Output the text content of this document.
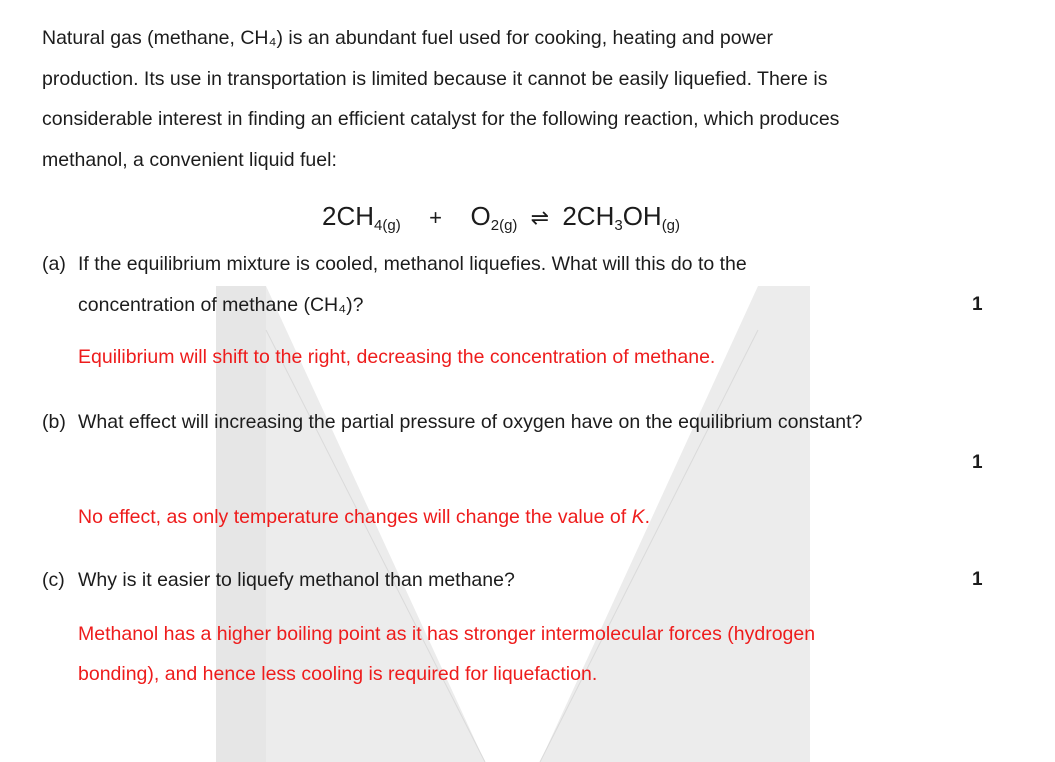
Natural gas (methane, CH₄) is an abundant fuel used for cooking, heating and power
production. Its use in transportation is limited because it cannot be easily liquefied. There is
considerable interest in finding an efficient catalyst for the following reaction, which produces
methanol, a convenient liquid fuel:
$2CH_{4(g)} + O_{2(g)}$ ⇌ $2CH_3OH_{(g)}$
(a) If the equilibrium mixture is cooled, methanol liquefies. What will this do to the
concentration of methane (CH₄)?	1
Equilibrium will shift to the right, decreasing the concentration of methane.
(b) What effect will increasing the partial pressure of oxygen have on the equilibrium constant?
1
No effect, as only temperature changes will change the value of K.
(c) Why is it easier to liquefy methanol than methane?	1
Methanol has a higher boiling point as it has stronger intermolecular forces (hydrogen
bonding), and hence less cooling is required for liquefaction.
